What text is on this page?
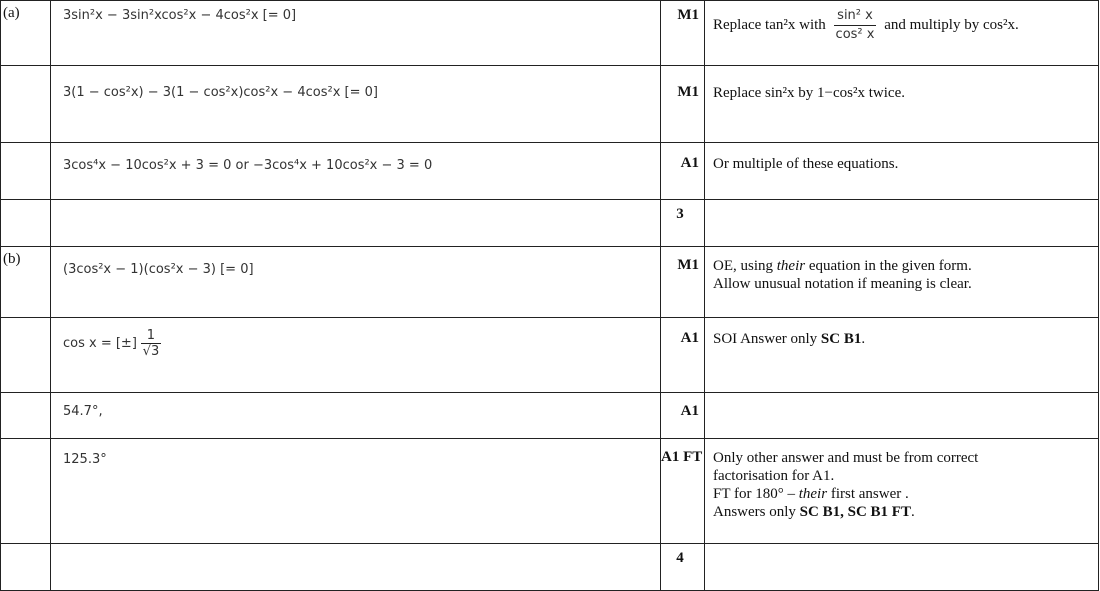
(a)	3sin²x − 3sin²xcos²x − 4cos²x [= 0]	M1	Replace tan²x with $\frac{\text{sin² x}}{\text{cos² x}}$ and multiply by cos²x.
	3(1 − cos²x) − 3(1 − cos²x)cos²x − 4cos²x [= 0]	M1	Replace sin²x by 1−cos²x twice.
	3cos⁴x − 10cos²x + 3 = 0 or −3cos⁴x + 10cos²x − 3 = 0	A1	Or multiple of these equations.
		3	
(b)	(3cos²x − 1)(cos²x − 3) [= 0]	M1	OE, using their equation in the given form.
Allow unusual notation if meaning is clear.

	cos x = [±] $\frac{1}{√3}$	A1	SOI Answer only SC B1.
	54.7°,	A1	
	125.3°	A1 FT	Only other answer and must be from correct
factorisation for A1.
FT for 180° – their first answer .
Answers only SC B1, SC B1 FT.

		4	
